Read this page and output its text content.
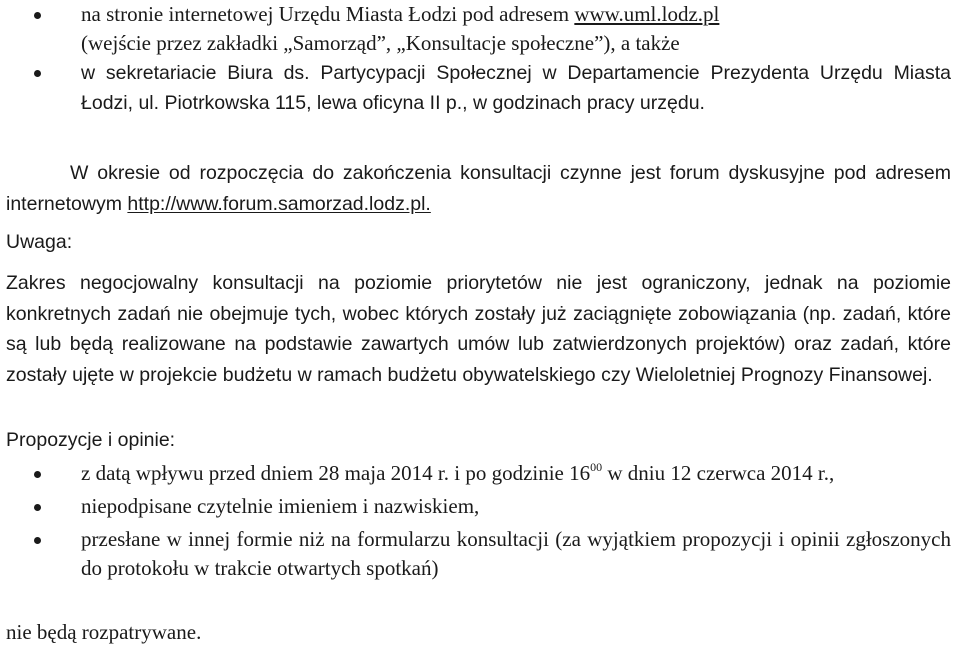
na stronie internetowej Urzędu Miasta Łodzi pod adresem www.uml.lodz.pl
(wejście przez zakładki „Samorząd”, „Konsultacje społeczne”), a także
w sekretariacie Biura ds. Partycypacji Społecznej w Departamencie Prezydenta Urzędu Miasta Łodzi, ul. Piotrkowska 115, lewa oficyna II p., w godzinach pracy urzędu.

W okresie od rozpoczęcia do zakończenia konsultacji czynne jest forum dyskusyjne pod adresem internetowym http://www.forum.samorzad.lodz.pl.

Uwaga:

Zakres negocjowalny konsultacji na poziomie priorytetów nie jest ograniczony, jednak na poziomie konkretnych zadań nie obejmuje tych, wobec których zostały już zaciągnięte zobowiązania (np. zadań, które są lub będą realizowane na podstawie zawartych umów lub zatwierdzonych projektów) oraz zadań, które zostały ujęte w projekcie budżetu w ramach budżetu obywatelskiego czy Wieloletniej Prognozy Finansowej.

Propozycje i opinie:

z datą wpływu przed dniem 28 maja 2014 r. i po godzinie $16^{00}$ w dniu 12 czerwca 2014 r.,
niepodpisane czytelnie imieniem i nazwiskiem,
przesłane w innej formie niż na formularzu konsultacji (za wyjątkiem propozycji i opinii zgłoszonych do protokołu w trakcie otwartych spotkań)

nie będą rozpatrywane.
